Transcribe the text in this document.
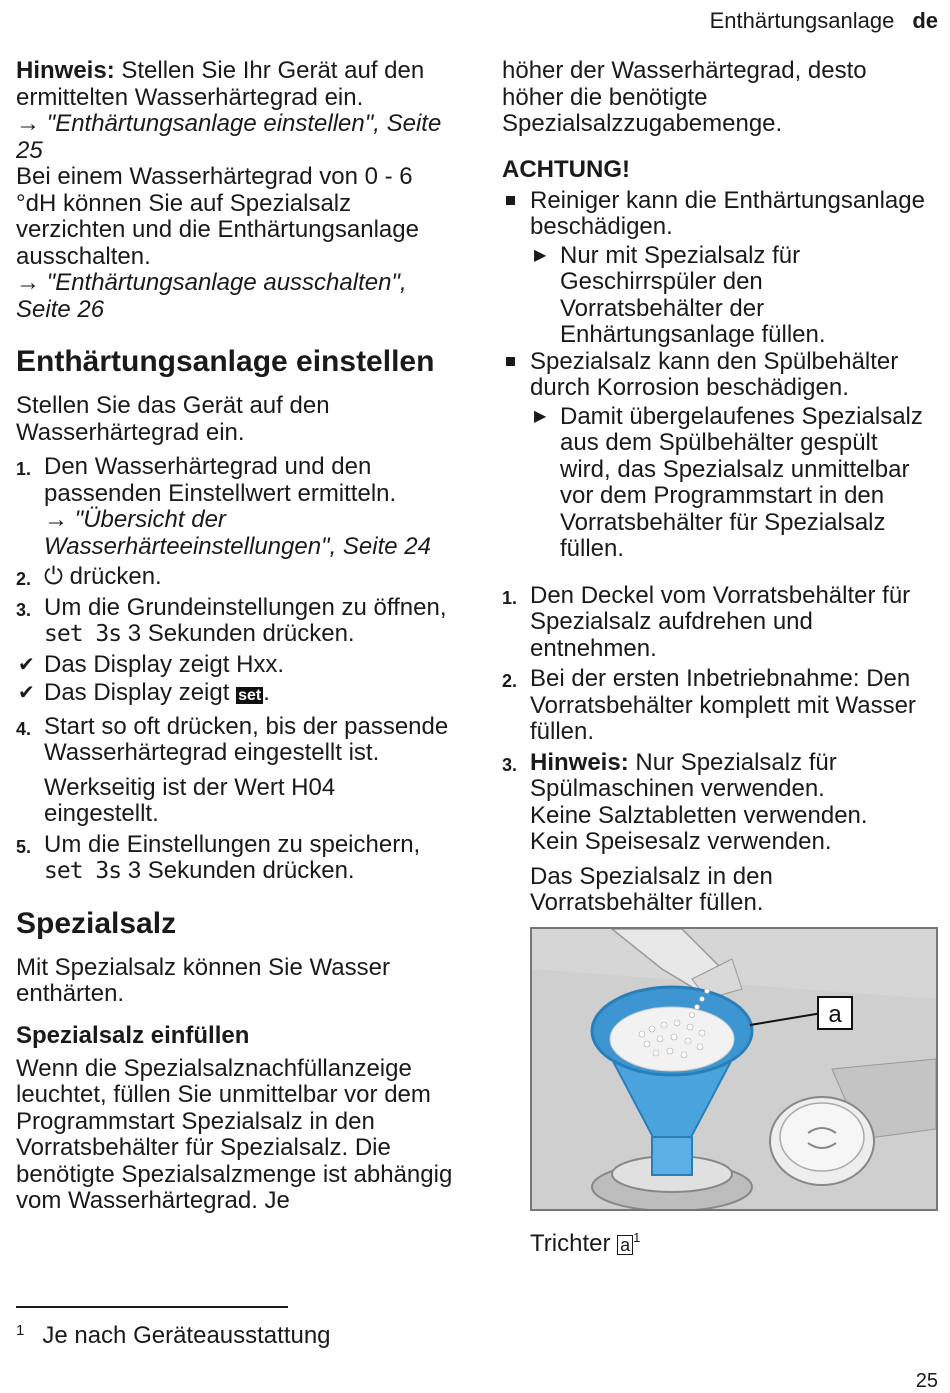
Enthärtungsanlage de

Hinweis: Stellen Sie Ihr Gerät auf den ermittelten Wasserhärtegrad ein.

→ "Enthärtungsanlage einstellen", Seite 25

Bei einem Wasserhärtegrad von 0 - 6 °dH können Sie auf Spezialsalz verzichten und die Enthärtungsanlage ausschalten.

→ "Enthärtungsanlage ausschalten", Seite 26

Enthärtungsanlage einstellen

Stellen Sie das Gerät auf den Wasserhärtegrad ein.

1. Den Wasserhärtegrad und den passenden Einstellwert ermitteln.
→ "Übersicht der Wasserhärteeinstellungen", Seite 24
2. ⏻ drücken.
3. Um die Grundeinstellungen zu öffnen, set 3s 3 Sekunden drücken.
✔ Das Display zeigt Hxx.
✔ Das Display zeigt set.
4. Start so oft drücken, bis der passende Wasserhärtegrad eingestellt ist.

Werkseitig ist der Wert H04 eingestellt.

5. Um die Einstellungen zu speichern,
set 3s 3 Sekunden drücken.
Spezialsalz

Mit Spezialsalz können Sie Wasser enthärten.

Spezialsalz einfüllen

Wenn die Spezialsalznachfüllanzeige leuchtet, füllen Sie unmittelbar vor dem Programmstart Spezialsalz in den Vorratsbehälter für Spezialsalz. Die benötigte Spezialsalzmenge ist abhängig vom Wasserhärtegrad. Je

höher der Wasserhärtegrad, desto höher die benötigte Spezialsalzzugabemenge.

ACHTUNG!
Reiniger kann die Enthärtungsanlage beschädigen.
▶ Nur mit Spezialsalz für Geschirrspüler den Vorratsbehälter der Enhärtungsanlage füllen.
Spezialsalz kann den Spülbehälter durch Korrosion beschädigen.
▶ Damit übergelaufenes Spezialsalz aus dem Spülbehälter gespült wird, das Spezialsalz unmittelbar vor dem Programmstart in den Vorratsbehälter für Spezialsalz füllen.
1. Den Deckel vom Vorratsbehälter für Spezialsalz aufdrehen und entnehmen.
2. Bei der ersten Inbetriebnahme: Den Vorratsbehälter komplett mit Wasser füllen.
3. Hinweis: Nur Spezialsalz für Spülmaschinen verwenden.
Keine Salztabletten verwenden.
Kein Speisesalz verwenden.

Das Spezialsalz in den Vorratsbehälter füllen.

a

Trichter a $^1$

$^1$ Je nach Geräteausstattung
25
